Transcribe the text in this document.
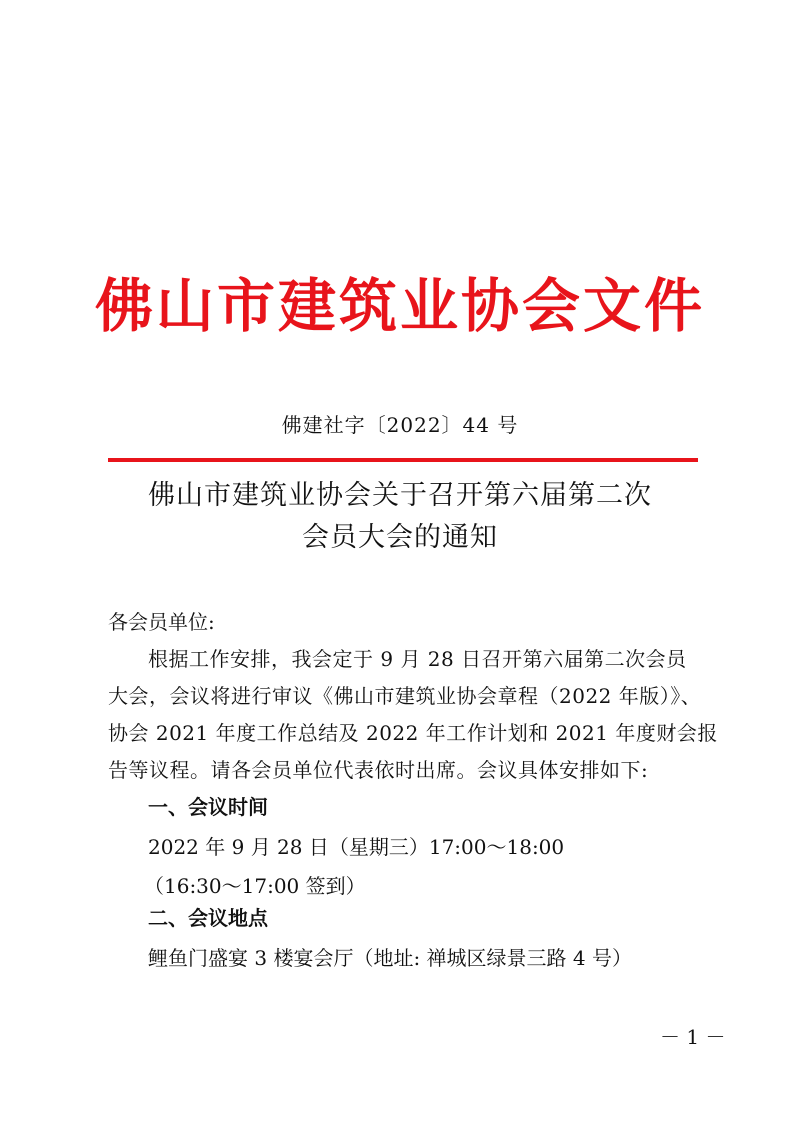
佛山市建筑业协会文件
佛建社字〔2022〕44 号
佛山市建筑业协会关于召开第六届第二次
会员大会的通知
各会员单位:
根据工作安排，我会定于 9 月 28 日召开第六届第二次会员
大会，会议将进行审议《佛山市建筑业协会章程（2022 年版）》、
协会 2021 年度工作总结及 2022 年工作计划和 2021 年度财会报
告等议程。请各会员单位代表依时出席。会议具体安排如下:
一、会议时间
2022 年 9 月 28 日（星期三）17:00～18:00
（16:30～17:00 签到）
二、会议地点
鲤鱼门盛宴 3 楼宴会厅（地址: 禅城区绿景三路 4 号）
－ 1 －
